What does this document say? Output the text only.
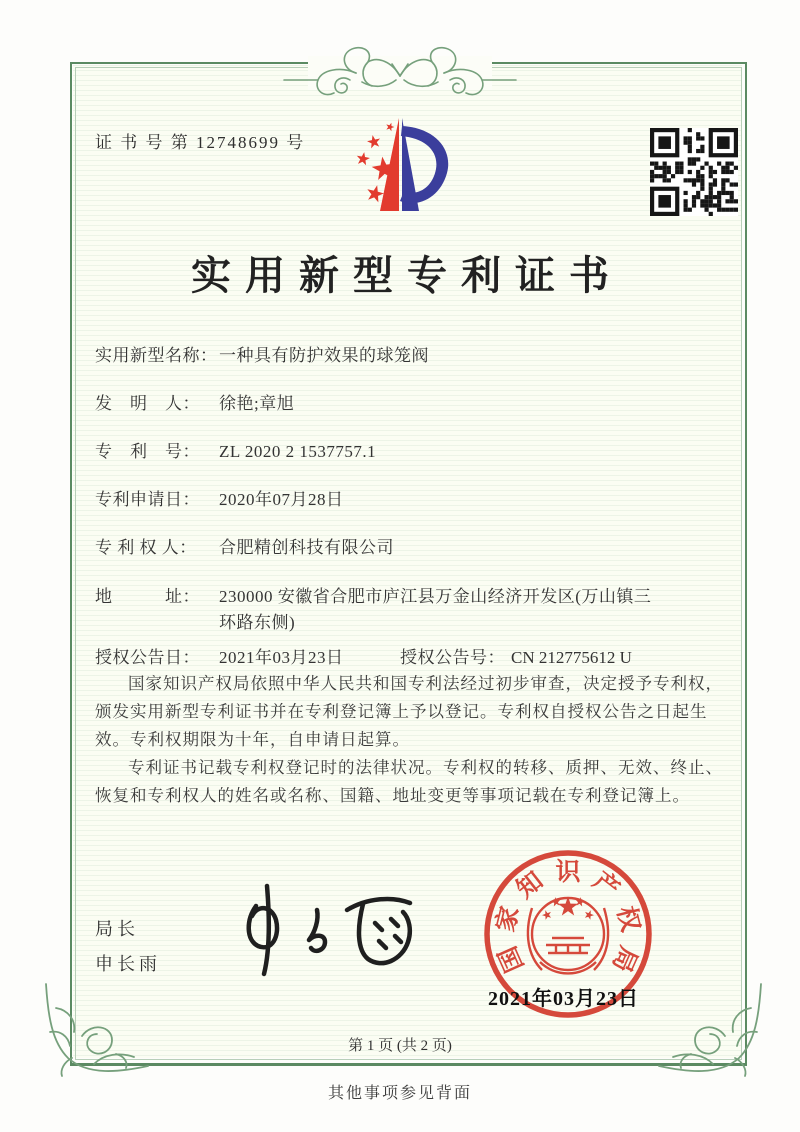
证 书 号 第 12748699 号
实用新型专利证书
实用新型名称： 一种具有防护效果的球笼阀
发　明　人：	徐艳;章旭
专　利　号：	ZL 2020 2 1537757.1
专利申请日：	2020年07月28日
专 利 权 人：	合肥精创科技有限公司
地　　　址：	230000 安徽省合肥市庐江县万金山经济开发区(万山镇三环路东侧)
授权公告日：	2021年03月23日	授权公告号： CN 212775612 U

国家知识产权局依照中华人民共和国专利法经过初步审查，决定授予专利权，颁发实用新型专利证书并在专利登记簿上予以登记。专利权自授权公告之日起生效。专利权期限为十年，自申请日起算。

专利证书记载专利权登记时的法律状况。专利权的转移、质押、无效、终止、恢复和专利权人的姓名或名称、国籍、地址变更等事项记载在专利登记簿上。

局长
申长雨	国
家
知 识 产
权
局
2021年03月23日
第 1 页 (共 2 页)
其他事项参见背面
